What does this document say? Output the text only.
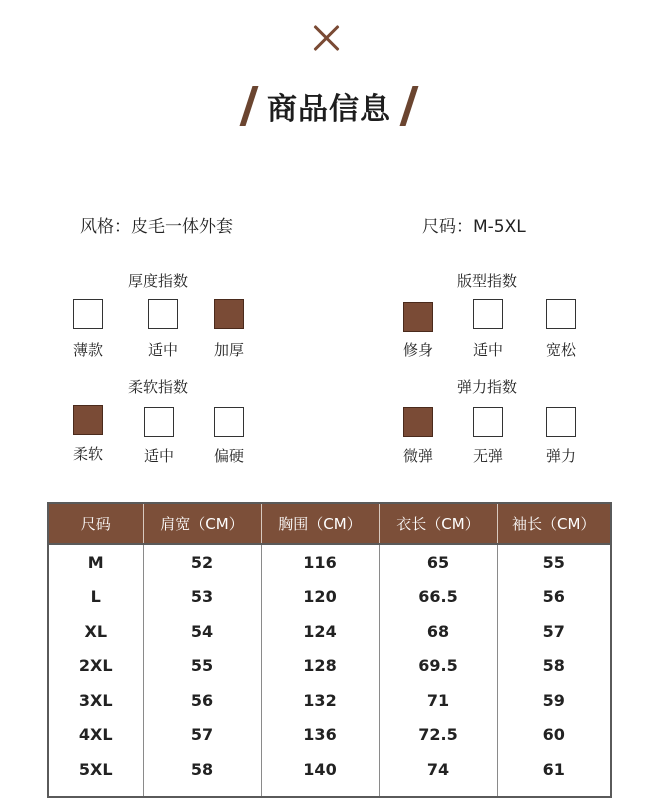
商品信息
风格：皮毛一体外套	尺码：M-5XL
厚度指数
薄款	适中	加厚
版型指数
修身	适中	宽松
柔软指数
柔软	适中	偏硬
弹力指数
微弹	无弹	弹力
尺码	肩宽（CM）	胸围（CM）	衣长（CM）	袖长（CM）
M	52	116	65	55
L	53	120	66.5	56
XL	54	124	68	57
2XL	55	128	69.5	58
3XL	56	132	71	59
4XL	57	136	72.5	60
5XL	58	140	74	61
